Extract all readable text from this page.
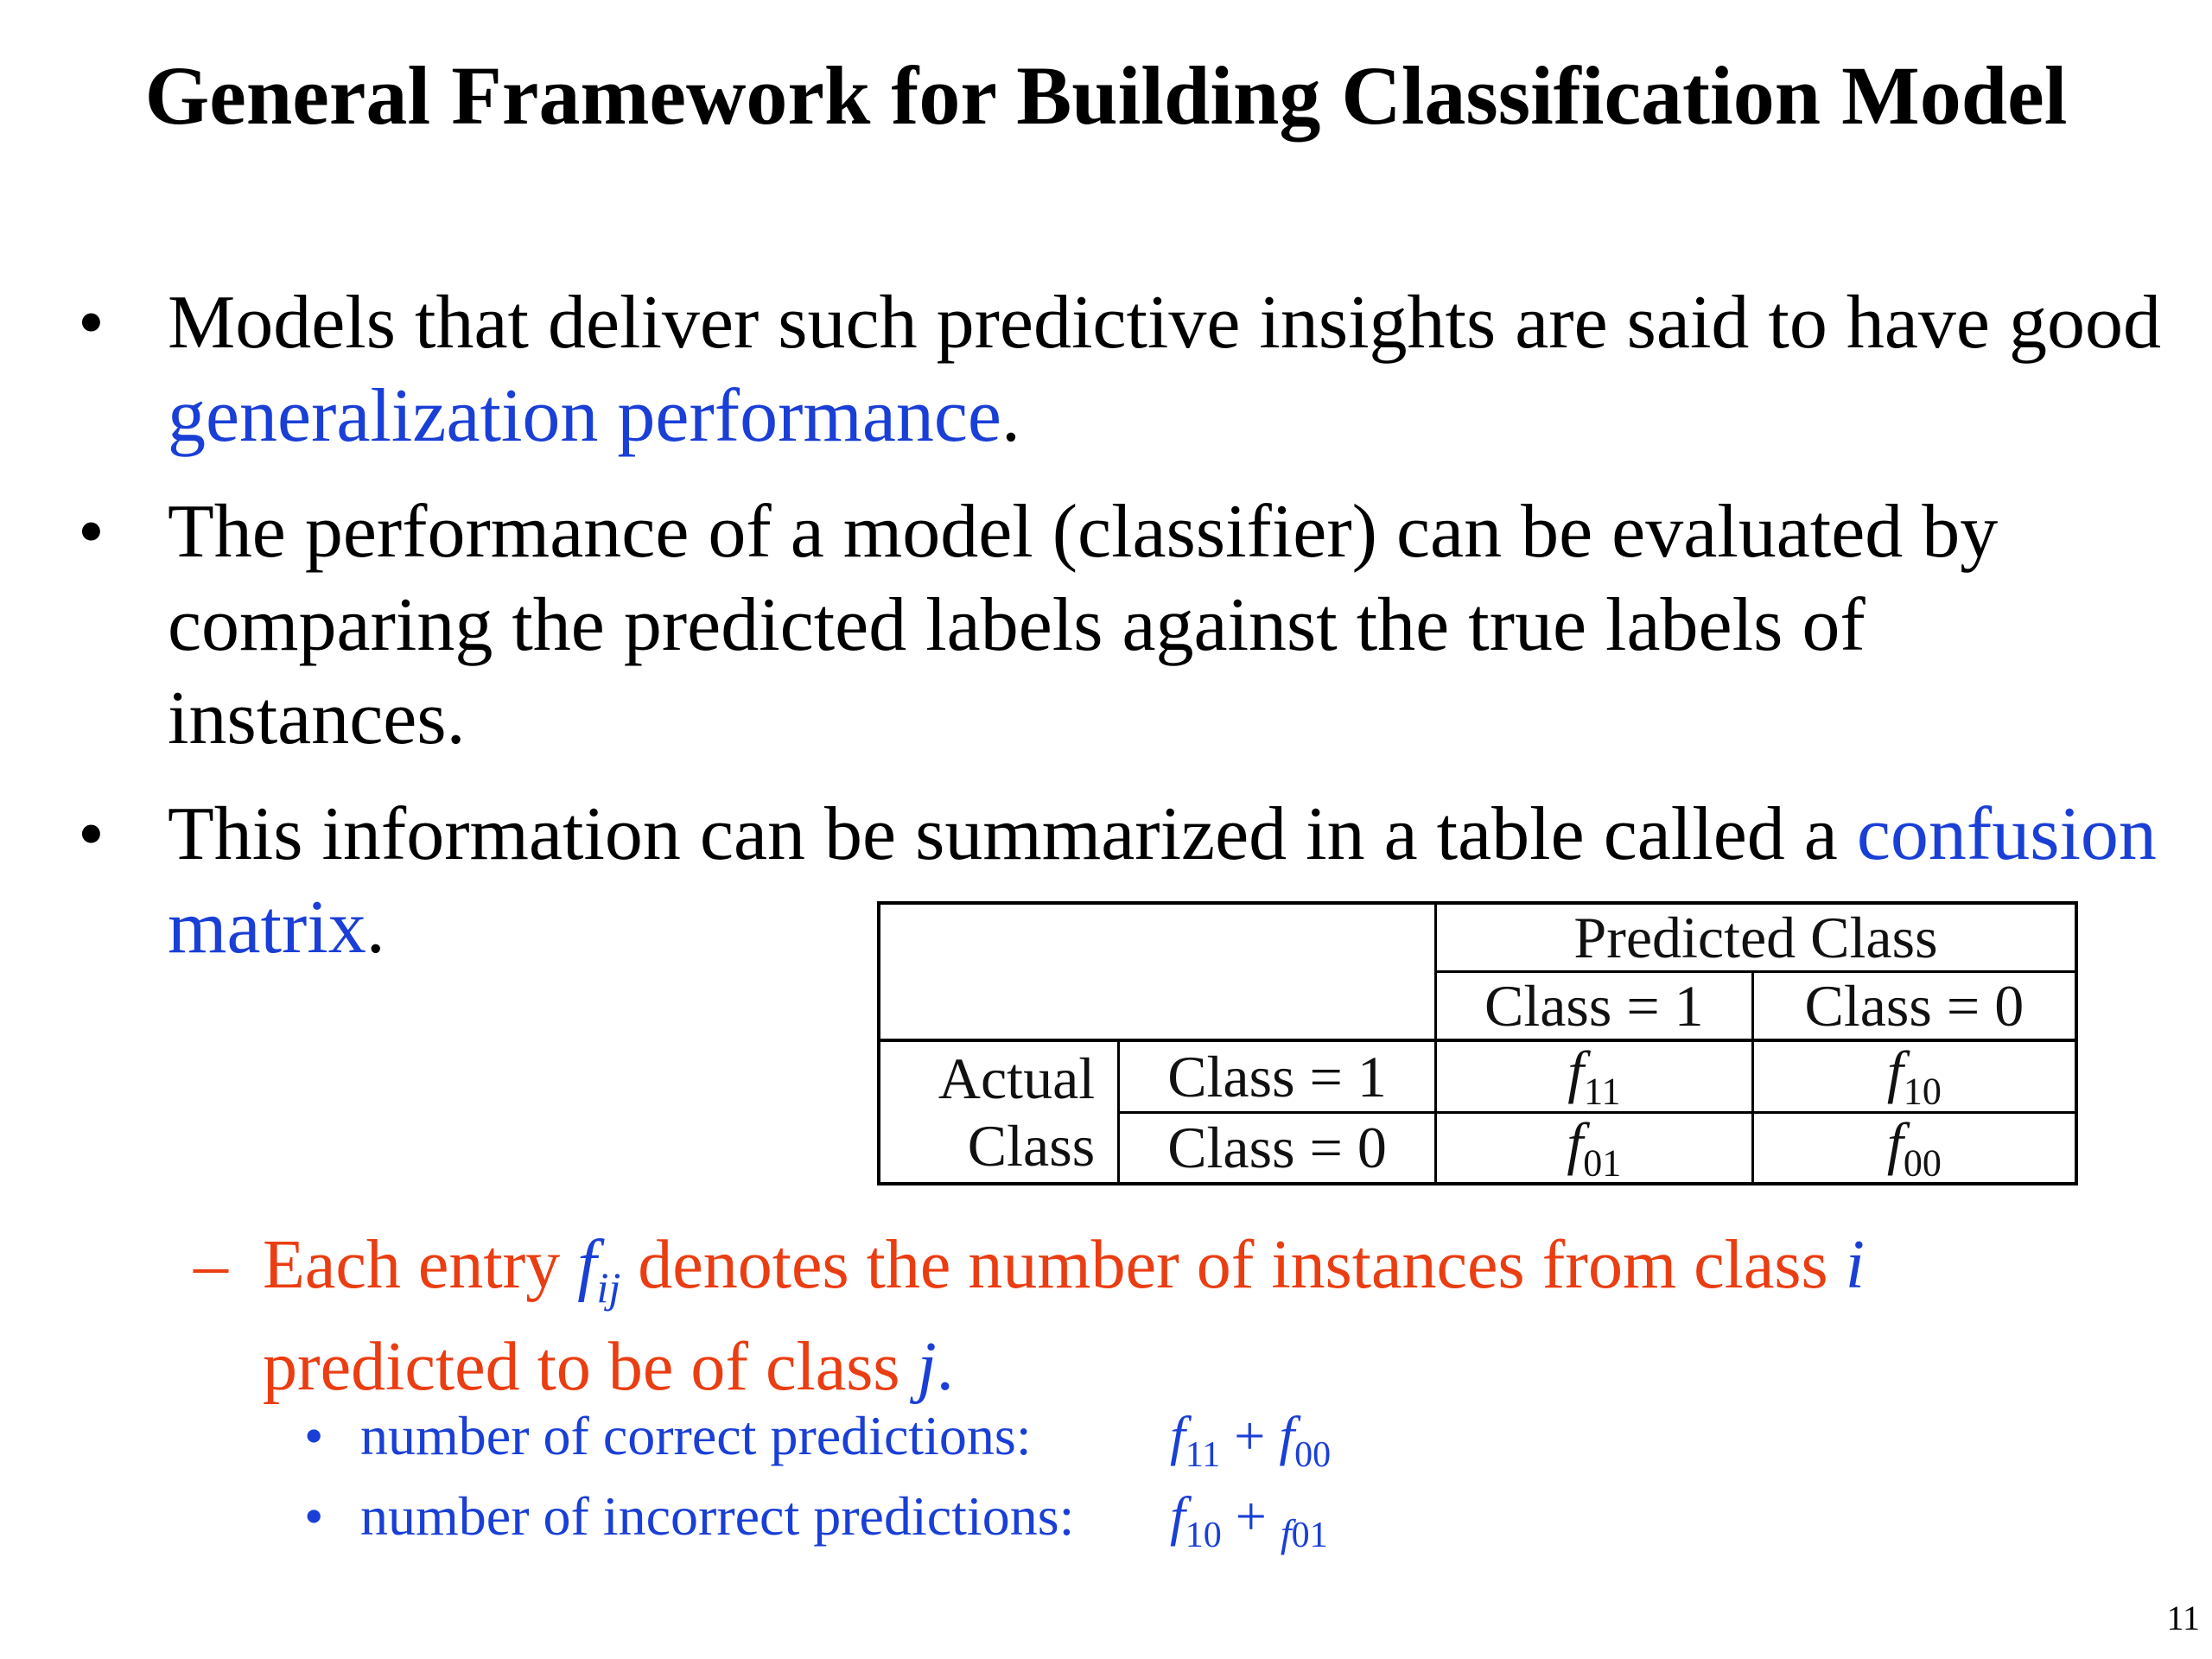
General Framework for Building Classification Model
• Models that deliver such predictive insights are said to have good generalization performance.
• The performance of a model (classifier) can be evaluated by comparing the predicted labels against the true labels of instances.
• This information can be summarized in a table called a confusion matrix.
		Predicted Class	
		Class = 1	Class = 0

Actual
Class	Class = 1	$f_{11}$	$f_{10}$
	Class = 0	$f_{01}$	$f_{00}$
– Each entry $f_{ij}$ denotes the number of instances from class i
predicted to be of class j.
• number of correct predictions:	$f_{11} + f_{00}$
• number of incorrect predictions: $f_{10} + _{f01}$
11
